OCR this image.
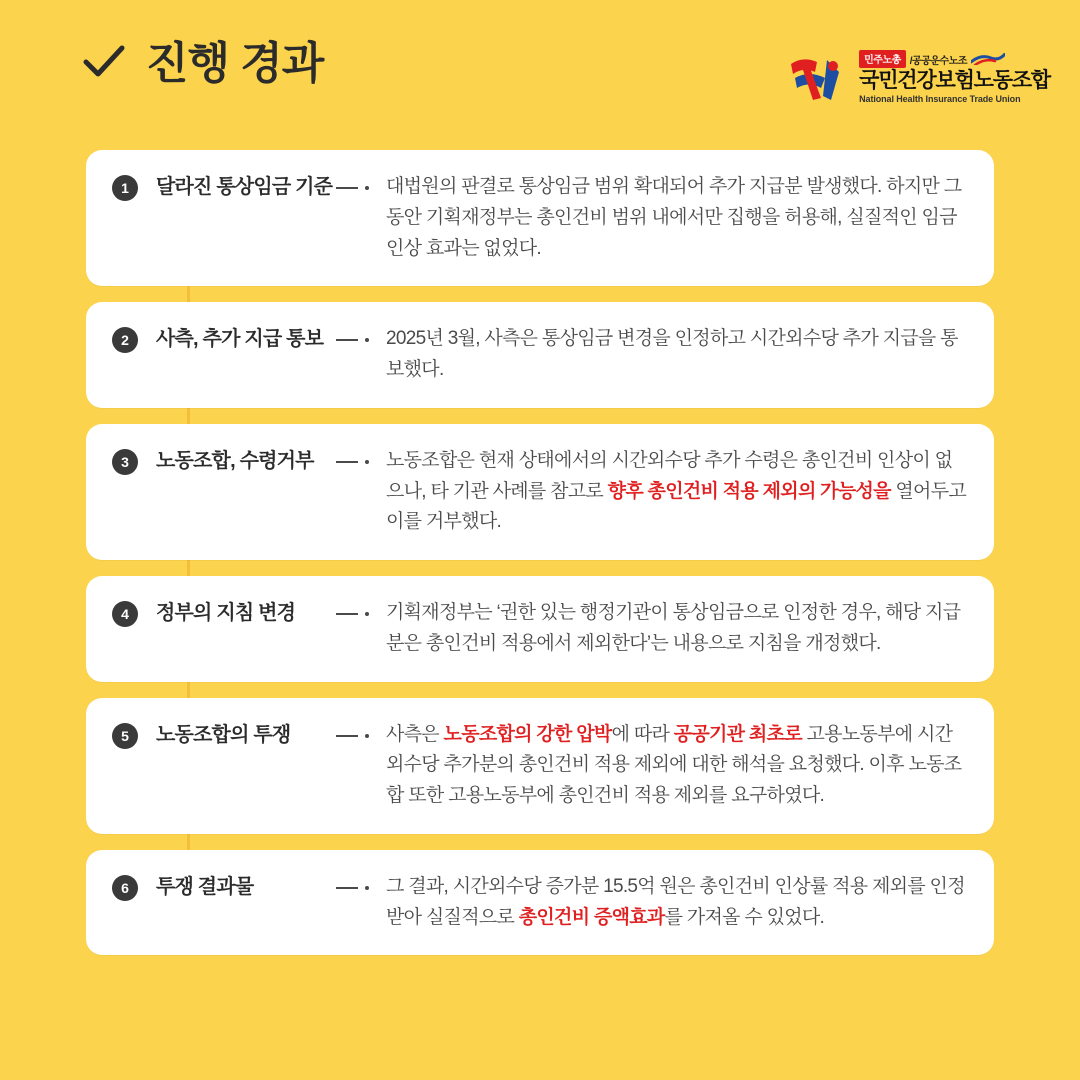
진행 경과	민주노총 /공공운수노조
국민건강보험노동조합
National Health Insurance Trade Union
1	달라진 통상임금 기준	대법원의 판결로 통상임금 범위 확대되어 추가 지급분 발생했다. 하지만 그동안 기획재정부는 총인건비 범위 내에서만 집행을 허용해, 실질적인 임금 인상 효과는 없었다.
2	사측, 추가 지급 통보	2025년 3월, 사측은 통상임금 변경을 인정하고 시간외수당 추가 지급을 통보했다.
3	노동조합, 수령거부	노동조합은 현재 상태에서의 시간외수당 추가 수령은 총인건비 인상이 없으나, 타 기관 사례를 참고로 향후 총인건비 적용 제외의 가능성을 열어두고 이를 거부했다.
4	정부의 지침 변경	기획재정부는 ‘권한 있는 행정기관이 통상임금으로 인정한 경우, 해당 지급분은 총인건비 적용에서 제외한다’는 내용으로 지침을 개정했다.
5	노동조합의 투쟁	사측은 노동조합의 강한 압박에 따라 공공기관 최초로 고용노동부에 시간외수당 추가분의 총인건비 적용 제외에 대한 해석을 요청했다. 이후 노동조합 또한 고용노동부에 총인건비 적용 제외를 요구하였다.
6	투쟁 결과물	그 결과, 시간외수당 증가분 15.5억 원은 총인건비 인상률 적용 제외를 인정받아 실질적으로 총인건비 증액효과를 가져올 수 있었다.
